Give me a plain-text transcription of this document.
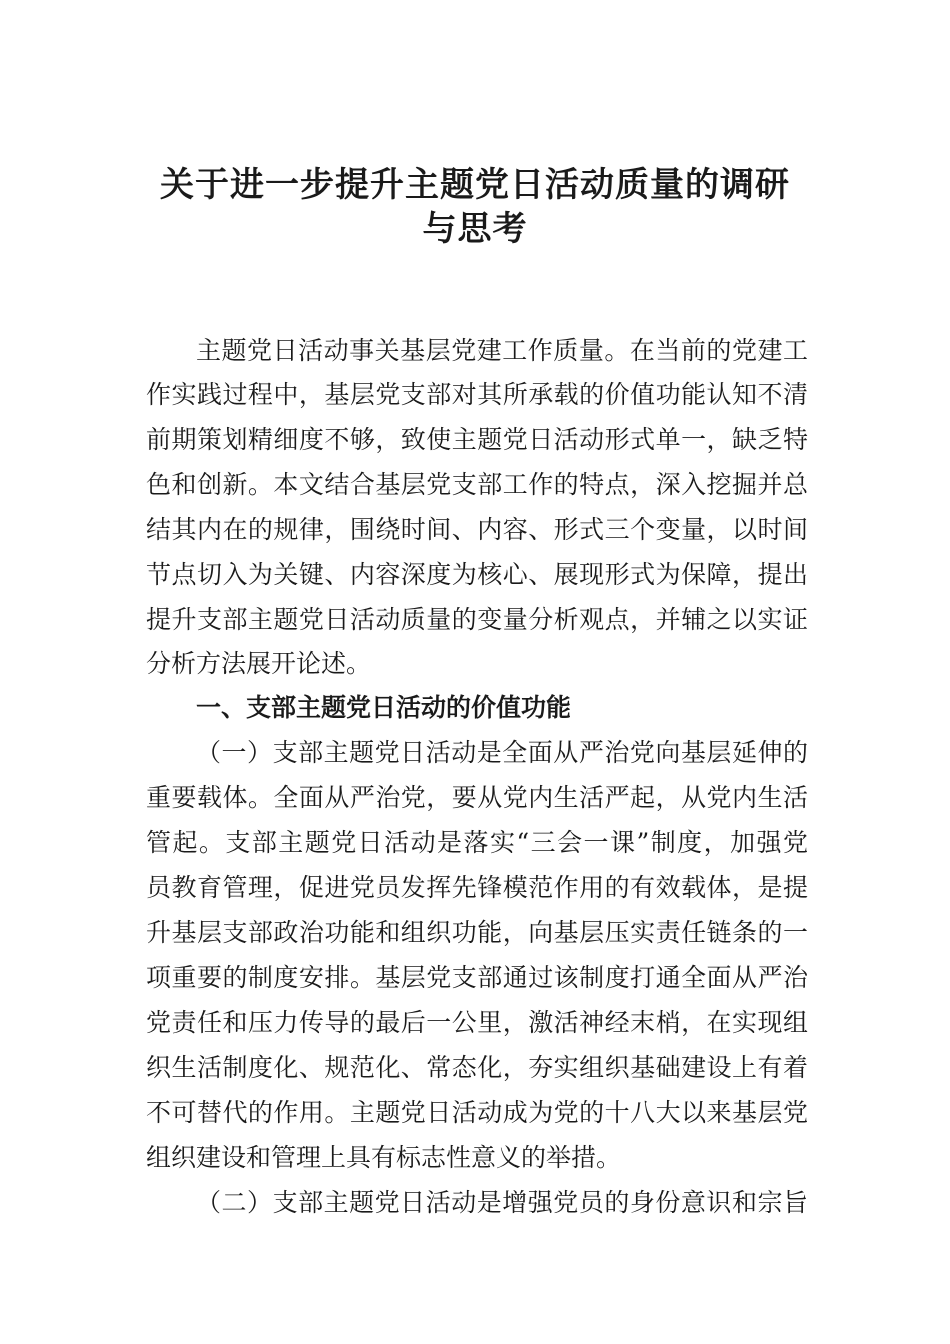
关于进一步提升主题党日活动质量的调研
与思考
主题党日活动事关基层党建工作质量。在当前的党建工
作实践过程中，基层党支部对其所承载的价值功能认知不清
前期策划精细度不够，致使主题党日活动形式单一，缺乏特
色和创新。本文结合基层党支部工作的特点，深入挖掘并总
结其内在的规律，围绕时间、内容、形式三个变量，以时间
节点切入为关键、内容深度为核心、展现形式为保障，提出
提升支部主题党日活动质量的变量分析观点，并辅之以实证
分析方法展开论述。
一、支部主题党日活动的价值功能
（一）支部主题党日活动是全面从严治党向基层延伸的
重要载体。全面从严治党，要从党内生活严起，从党内生活
管起。支部主题党日活动是落实“三会一课”制度，加强党
员教育管理，促进党员发挥先锋模范作用的有效载体，是提
升基层支部政治功能和组织功能，向基层压实责任链条的一
项重要的制度安排。基层党支部通过该制度打通全面从严治
党责任和压力传导的最后一公里，激活神经末梢，在实现组
织生活制度化、规范化、常态化，夯实组织基础建设上有着
不可替代的作用。主题党日活动成为党的十八大以来基层党
组织建设和管理上具有标志性意义的举措。
（二）支部主题党日活动是增强党员的身份意识和宗旨
